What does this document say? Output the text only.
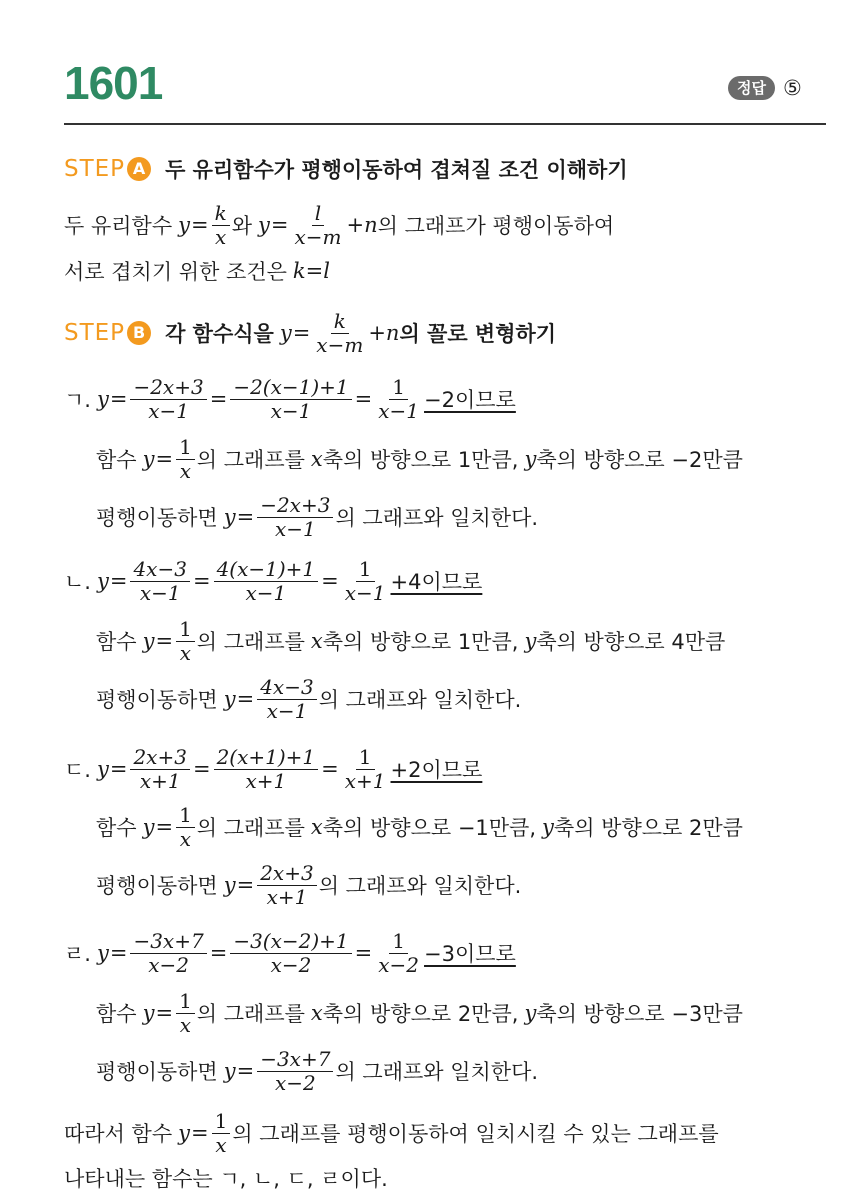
1601	정답 ⑤
STEP A 두 유리함수가 평행이동하여 겹쳐질 조건 이해하기
두 유리함수 $y = \frac{k}{x}$ 와 $y = \frac{l}{x-m} +n$ 의 그래프가 평행이동하여
서로 겹치기 위한 조건은 k=l
STEP B 각 함수식을 $y = \frac{k}{x-m} +n$ 의 꼴로 변형하기
ㄱ. $y = \frac{-2x+3}{x-1} = \frac{-2(x-1)+1}{x-1} = \frac{1}{x-1} -2$이므로
함수 $y = \frac{1}{x}$ 의 그래프를 x 축의 방향으로 1만큼, y 축의 방향으로 −2만큼
평행이동하면 $y = \frac{-2x+3}{x-1}$ 의 그래프와 일치한다.
ㄴ. $y = \frac{4x-3}{x-1} = \frac{4(x-1)+1}{x-1} = \frac{1}{x-1} +4$이므로
함수 $y = \frac{1}{x}$ 의 그래프를 x 축의 방향으로 1만큼, y 축의 방향으로 4만큼
평행이동하면 $y = \frac{4x-3}{x-1}$ 의 그래프와 일치한다.
ㄷ. $y = \frac{2x+3}{x+1} = \frac{2(x+1)+1}{x+1} = \frac{1}{x+1} +2$이므로
함수 $y = \frac{1}{x}$ 의 그래프를 x 축의 방향으로 −1만큼, y 축의 방향으로 2만큼
평행이동하면 $y = \frac{2x+3}{x+1}$ 의 그래프와 일치한다.
ㄹ. $y = \frac{-3x+7}{x-2} = \frac{-3(x-2)+1}{x-2} = \frac{1}{x-2} -3$이므로
함수 $y = \frac{1}{x}$ 의 그래프를 x 축의 방향으로 2만큼, y 축의 방향으로 −3만큼
평행이동하면 $y = \frac{-3x+7}{x-2}$ 의 그래프와 일치한다.
따라서 함수 $y = \frac{1}{x}$ 의 그래프를 평행이동하여 일치시킬 수 있는 그래프를
나타내는 함수는 ㄱ, ㄴ, ㄷ, ㄹ이다.
